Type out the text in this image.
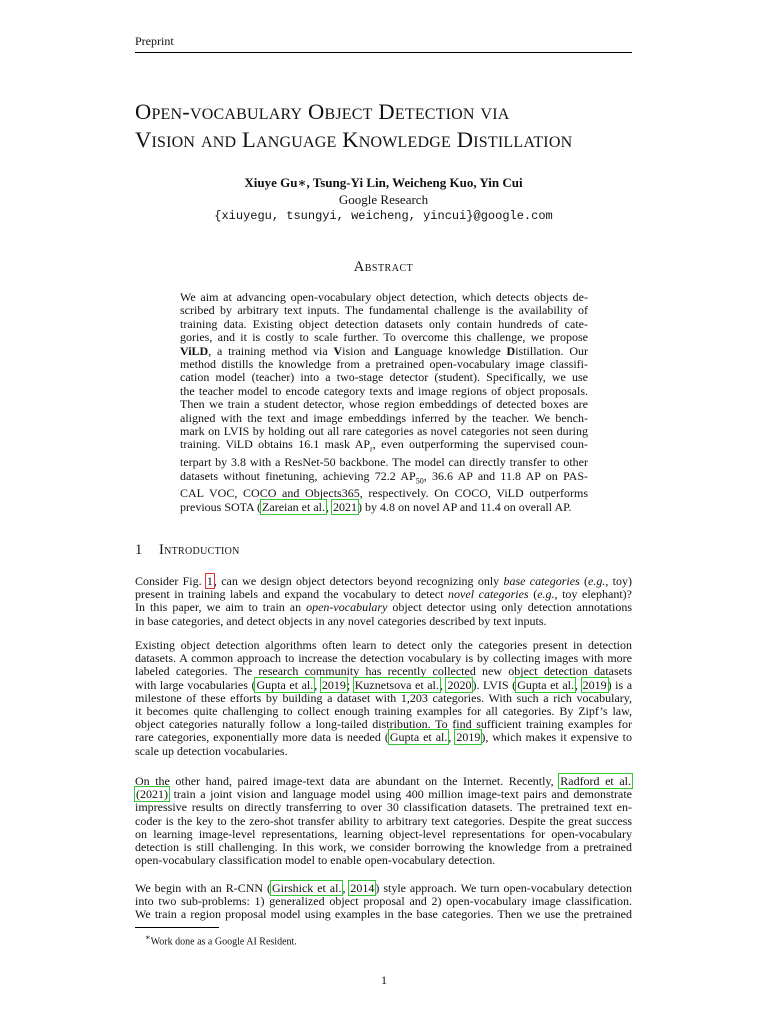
Preprint
Open-vocabulary Object Detection via
Vision and Language Knowledge Distillation
Xiuye Gu∗, Tsung-Yi Lin, Weicheng Kuo, Yin Cui
Google Research
{xiuyegu, tsungyi, weicheng, yincui}@google.com
Abstract
We aim at advancing open-vocabulary object detection, which detects objects de-
scribed by arbitrary text inputs. The fundamental challenge is the availability of
training data. Existing object detection datasets only contain hundreds of cate-
gories, and it is costly to scale further. To overcome this challenge, we propose
ViLD, a training method via Vision and Language knowledge Distillation. Our
method distills the knowledge from a pretrained open-vocabulary image classifi-
cation model (teacher) into a two-stage detector (student). Specifically, we use
the teacher model to encode category texts and image regions of object proposals.
Then we train a student detector, whose region embeddings of detected boxes are
aligned with the text and image embeddings inferred by the teacher. We bench-
mark on LVIS by holding out all rare categories as novel categories not seen during
training. ViLD obtains 16.1 mask $AP_r$, even outperforming the supervised coun-
terpart by 3.8 with a ResNet-50 backbone. The model can directly transfer to other
datasets without finetuning, achieving 72.2 $AP_{50}$, 36.6 AP and 11.8 AP on PAS-
CAL VOC, COCO and Objects365, respectively. On COCO, ViLD outperforms
previous SOTA (Zareian et al., 2021) by 4.8 on novel AP and 11.4 on overall AP.
1 Introduction
Consider Fig. 1, can we design object detectors beyond recognizing only base categories (e.g., toy)
present in training labels and expand the vocabulary to detect novel categories (e.g., toy elephant)?
In this paper, we aim to train an open-vocabulary object detector using only detection annotations
in base categories, and detect objects in any novel categories described by text inputs.
Existing object detection algorithms often learn to detect only the categories present in detection
datasets. A common approach to increase the detection vocabulary is by collecting images with more
labeled categories. The research community has recently collected new object detection datasets
with large vocabularies (Gupta et al., 2019; Kuznetsova et al., 2020). LVIS (Gupta et al., 2019) is a
milestone of these efforts by building a dataset with 1,203 categories. With such a rich vocabulary,
it becomes quite challenging to collect enough training examples for all categories. By Zipf’s law,
object categories naturally follow a long-tailed distribution. To find sufficient training examples for
rare categories, exponentially more data is needed (Gupta et al., 2019), which makes it expensive to
scale up detection vocabularies.
On the other hand, paired image-text data are abundant on the Internet. Recently, Radford et al.
(2021) train a joint vision and language model using 400 million image-text pairs and demonstrate
impressive results on directly transferring to over 30 classification datasets. The pretrained text en-
coder is the key to the zero-shot transfer ability to arbitrary text categories. Despite the great success
on learning image-level representations, learning object-level representations for open-vocabulary
detection is still challenging. In this work, we consider borrowing the knowledge from a pretrained
open-vocabulary classification model to enable open-vocabulary detection.
We begin with an R-CNN (Girshick et al., 2014) style approach. We turn open-vocabulary detection
into two sub-problems: 1) generalized object proposal and 2) open-vocabulary image classification.
We train a region proposal model using examples in the base categories. Then we use the pretrained
∗Work done as a Google AI Resident.
1
